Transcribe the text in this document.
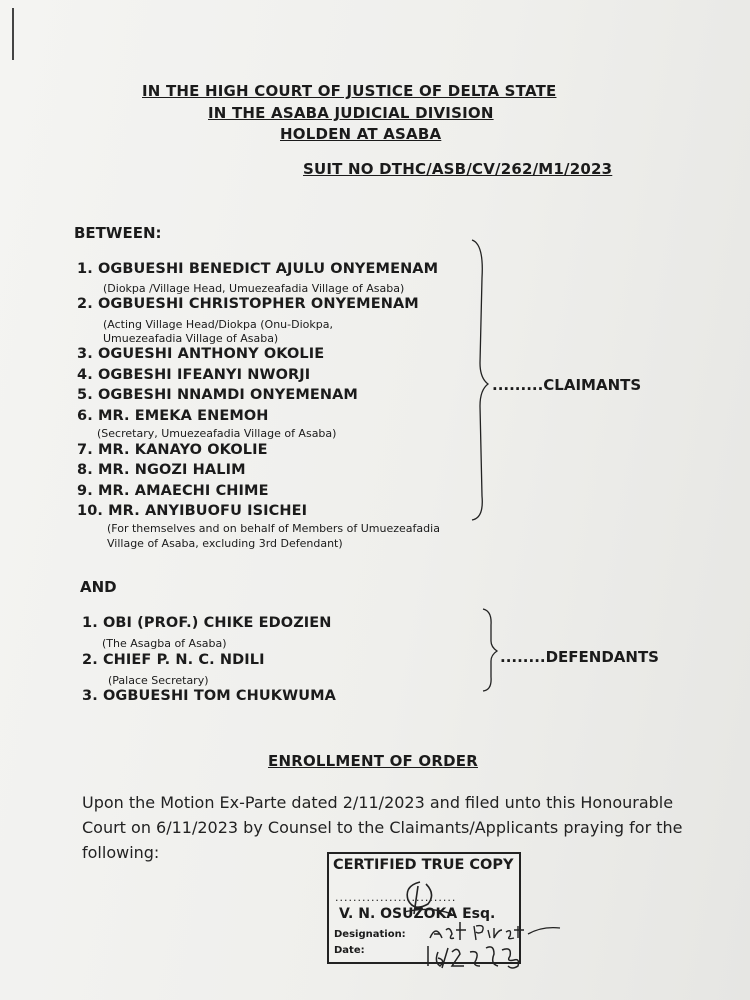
IN THE HIGH COURT OF JUSTICE OF DELTA STATE
IN THE ASABA JUDICIAL DIVISION
HOLDEN AT ASABA
SUIT NO DTHC/ASB/CV/262/M1/2023
BETWEEN:
1. OGBUESHI BENEDICT AJULU ONYEMENAM
(Diokpa /Village Head, Umuezeafadia Village of Asaba)
2. OGBUESHI CHRISTOPHER ONYEMENAM
(Acting Village Head/Diokpa (Onu-Diokpa,
Umuezeafadia Village of Asaba)
3. OGUESHI ANTHONY OKOLIE
4. OGBESHI IFEANYI NWORJI
5. OGBESHI NNAMDI ONYEMENAM
6. MR. EMEKA ENEMOH
(Secretary, Umuezeafadia Village of Asaba)
7. MR. KANAYO OKOLIE
8. MR. NGOZI HALIM
9. MR. AMAECHI CHIME
10. MR. ANYIBUOFU ISICHEI
(For themselves and on behalf of Members of Umuezeafadia
Village of Asaba, excluding 3rd Defendant)
.........CLAIMANTS
AND
1. OBI (PROF.) CHIKE EDOZIEN
(The Asagba of Asaba)
2. CHIEF P. N. C. NDILI
(Palace Secretary)
3. OGBUESHI TOM CHUKWUMA
........DEFENDANTS
ENROLLMENT OF ORDER
Upon the Motion Ex-Parte dated 2/11/2023 and filed unto this Honourable Court on 6/11/2023 by Counsel to the Claimants/Applicants praying for the following:
CERTIFIED TRUE COPY
...........................
V. N. OSUZOKA Esq.
Designation:
Date:
